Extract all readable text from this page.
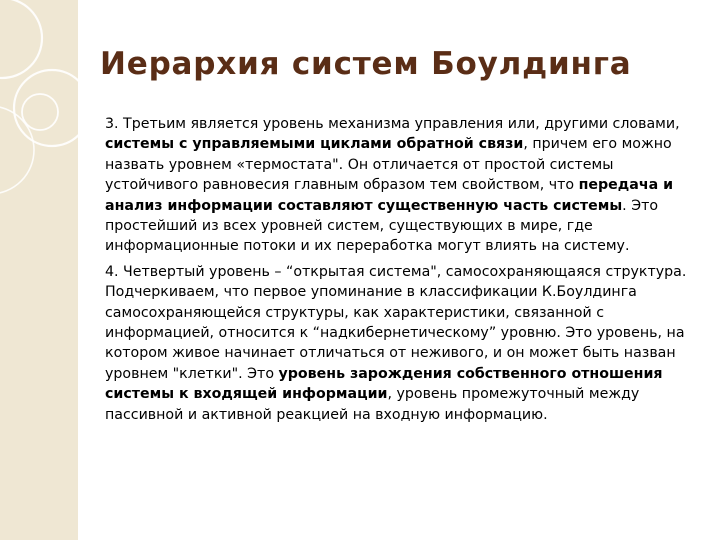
Иерархия систем Боулдинга

3. Третьим является уровень механизма управления или, другими словами, системы с управляемыми циклами обратной связи, причем его можно назвать уровнем «термостата". Он отличается от простой системы устойчивого равновесия главным образом тем свойством, что передача и анализ информации составляют существенную часть системы. Это простейший из всех уровней систем, существующих в мире, где информационные потоки и их переработка могут влиять на систему.

4. Четвертый уровень – “открытая система", самосохраняющаяся структура. Подчеркиваем, что первое упоминание в классификации К.Боулдинга самосохраняющейся структуры, как характеристики, связанной с информацией, относится к “надкибернетическому” уровню. Это уровень, на котором живое начинает отличаться от неживого, и он может быть назван уровнем "клетки". Это уровень зарождения собственного отношения системы к входящей информации, уровень промежуточный между пассивной и активной реакцией на входную информацию.
